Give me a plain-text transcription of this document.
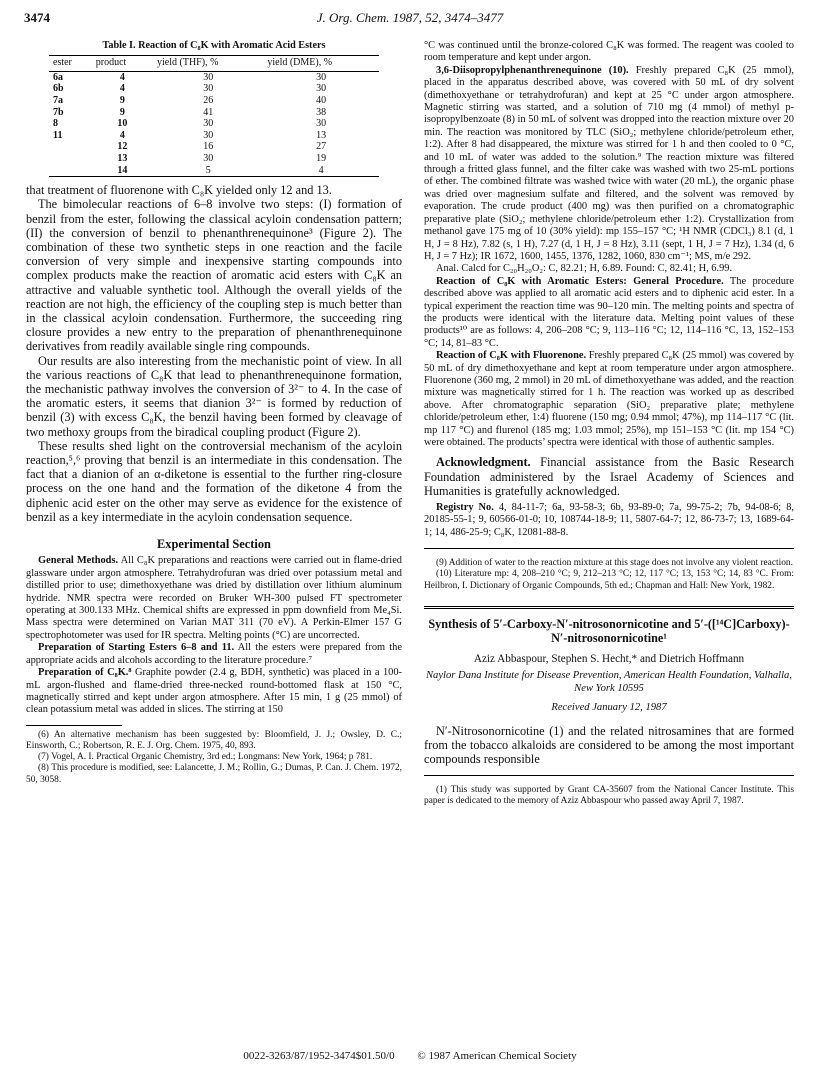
3474	J. Org. Chem. 1987, 52, 3474–3477
Table I. Reaction of C₈K with Aromatic Acid Esters
ester	product	yield (THF), %	yield (DME), %
6a	4	30	30
6b	4	30	30
7a	9	26	40
7b	9	41	38
8	10	30	30
11	4	30	13
	12	16	27
	13	30	19
	14	5	4

that treatment of fluorenone with C₈K yielded only 12 and 13.

The bimolecular reactions of 6–8 involve two steps: (I) formation of benzil from the ester, following the classical acyloin condensation pattern; (II) the conversion of benzil to phenanthrenequinone³ (Figure 2). The combination of these two synthetic steps in one reaction and the facile conversion of very simple and inexpensive starting compounds into complex products make the reaction of aromatic acid esters with C₈K an attractive and valuable synthetic tool. Although the overall yields of the reaction are not high, the efficiency of the coupling step is much better than in the classical acyloin condensation. Furthermore, the succeeding ring closure provides a new entry to the preparation of phenanthrenequinone derivatives from readily available single ring compounds.

Our results are also interesting from the mechanistic point of view. In all the various reactions of C₈K that lead to phenanthrenequinone formation, the mechanistic pathway involves the conversion of 3²⁻ to 4. In the case of the aromatic esters, it seems that dianion 3²⁻ is formed by reduction of benzil (3) with excess C₈K, the benzil having been formed by cleavage of two methoxy groups from the biradical coupling product (Figure 2).

These results shed light on the controversial mechanism of the acyloin reaction,⁵,⁶ proving that benzil is an intermediate in this condensation. The fact that a dianion of an α-diketone is essential to the further ring-closure process on the one hand and the formation of the diketone 4 from the diphenic acid ester on the other may serve as evidence for the existence of benzil as a key intermediate in the acyloin condensation sequence.

Experimental Section

General Methods. All C₈K preparations and reactions were carried out in flame-dried glassware under argon atmosphere. Tetrahydrofuran was dried over potassium metal and distilled prior to use; dimethoxyethane was dried by distillation over lithium aluminum hydride. NMR spectra were recorded on Bruker WH-300 pulsed FT spectrometer operating at 300.133 MHz. Chemical shifts are expressed in ppm downfield from Me₄Si. Mass spectra were determined on Varian MAT 311 (70 eV). A Perkin-Elmer 157 G spectrophotometer was used for IR spectra. Melting points (°C) are uncorrected.

Preparation of Starting Esters 6–8 and 11. All the esters were prepared from the appropriate acids and alcohols according to the literature procedure.⁷

Preparation of C₈K.⁸ Graphite powder (2.4 g, BDH, synthetic) was placed in a 100-mL argon-flushed and flame-dried three-necked round-bottomed flask at 150 °C, magnetically stirred and kept under argon atmosphere. After 15 min, 1 g (25 mmol) of clean potassium metal was added in slices. The stirring at 150

(6) An alternative mechanism has been suggested by: Bloomfield, J. J.; Owsley, D. C.; Einsworth, C.; Robertson, R. E. J. Org. Chem. 1975, 40, 893.

(7) Vogel, A. I. Practical Organic Chemistry, 3rd ed.; Longmans: New York, 1964; p 781.

(8) This procedure is modified, see: Lalancette, J. M.; Rollin, G.; Dumas, P. Can. J. Chem. 1972, 50, 3058.

°C was continued until the bronze-colored C₈K was formed. The reagent was cooled to room temperature and kept under argon.

3,6-Diisopropylphenanthrenequinone (10). Freshly prepared C₈K (25 mmol), placed in the apparatus described above, was covered with 50 mL of dry solvent (dimethoxyethane or tetrahydrofuran) and kept at 25 °C under argon atmosphere. Magnetic stirring was started, and a solution of 710 mg (4 mmol) of methyl p-isopropylbenzoate (8) in 50 mL of solvent was dropped into the reaction mixture over 20 min. The reaction was monitored by TLC (SiO₂; methylene chloride/petroleum ether, 1:2). After 8 had disappeared, the mixture was stirred for 1 h and then cooled to 0 °C, and 10 mL of water was added to the solution.⁹ The reaction mixture was filtered through a fritted glass funnel, and the filter cake was washed with two 25-mL portions of ether. The combined filtrate was washed twice with water (20 mL), the organic phase was dried over magnesium sulfate and filtered, and the solvent was removed by evaporation. The crude product (400 mg) was then purified on a chromatographic preparative plate (SiO₂; methylene chloride/petroleum ether 1:2). Crystallization from methanol gave 175 mg of 10 (30% yield): mp 155–157 °C; ¹H NMR (CDCl₃) 8.1 (d, 1 H, J = 8 Hz), 7.82 (s, 1 H), 7.27 (d, 1 H, J = 8 Hz), 3.11 (sept, 1 H, J = 7 Hz), 1.34 (d, 6 H, J = 7 Hz); IR 1672, 1600, 1455, 1376, 1282, 1060, 830 cm⁻¹; MS, m/e 292.

Anal. Calcd for C₂₀H₂₀O₂: C, 82.21; H, 6.89. Found: C, 82.41; H, 6.99.

Reaction of C₈K with Aromatic Esters: General Procedure. The procedure described above was applied to all aromatic acid esters and to diphenic acid ester. In a typical experiment the reaction time was 90–120 min. The melting points and spectra of the products were identical with the literature data. Melting point values of these products¹⁰ are as follows: 4, 206–208 °C; 9, 113–116 °C; 12, 114–116 °C, 13, 152–153 °C; 14, 81–83 °C.

Reaction of C₈K with Fluorenone. Freshly prepared C₈K (25 mmol) was covered by 50 mL of dry dimethoxyethane and kept at room temperature under argon atmosphere. Fluorenone (360 mg, 2 mmol) in 20 mL of dimethoxyethane was added, and the reaction mixture was magnetically stirred for 1 h. The reaction was worked up as described above. After chromatographic separation (SiO₂ preparative plate; methylene chloride/petroleum ether, 1:4) fluorene (150 mg; 0.94 mmol; 47%), mp 114–117 °C (lit. mp 117 °C) and flurenol (185 mg; 1.03 mmol; 25%), mp 151–153 °C (lit. mp 154 °C) were obtained. The products’ spectra were identical with those of authentic samples.

Acknowledgment. Financial assistance from the Basic Research Foundation administered by the Israel Academy of Sciences and Humanities is gratefully acknowledged.

Registry No. 4, 84-11-7; 6a, 93-58-3; 6b, 93-89-0; 7a, 99-75-2; 7b, 94-08-6; 8, 20185-55-1; 9, 60566-01-0; 10, 108744-18-9; 11, 5807-64-7; 12, 86-73-7; 13, 1689-64-1; 14, 486-25-9; C₈K, 12081-88-8.

(9) Addition of water to the reaction mixture at this stage does not involve any violent reaction.

(10) Literature mp: 4, 208–210 °C; 9, 212–213 °C; 12, 117 °C; 13, 153 °C; 14, 83 °C. From: Heilbron, I. Dictionary of Organic Compounds, 5th ed.; Chapman and Hall: New York, 1982.

Synthesis of 5′-Carboxy-N′-nitrosonornicotine and 5′-([¹⁴C]Carboxy)-N′-nitrosonornicotine¹
Aziz Abbaspour, Stephen S. Hecht,* and Dietrich Hoffmann
Naylor Dana Institute for Disease Prevention, American Health Foundation, Valhalla, New York 10595
Received January 12, 1987

N′-Nitrosonornicotine (1) and the related nitrosamines that are formed from the tobacco alkaloids are considered to be among the most important compounds responsible

(1) This study was supported by Grant CA-35607 from the National Cancer Institute. This paper is dedicated to the memory of Aziz Abbaspour who passed away April 7, 1987.

0022-3263/87/1952-3474$01.50/0 © 1987 American Chemical Society
